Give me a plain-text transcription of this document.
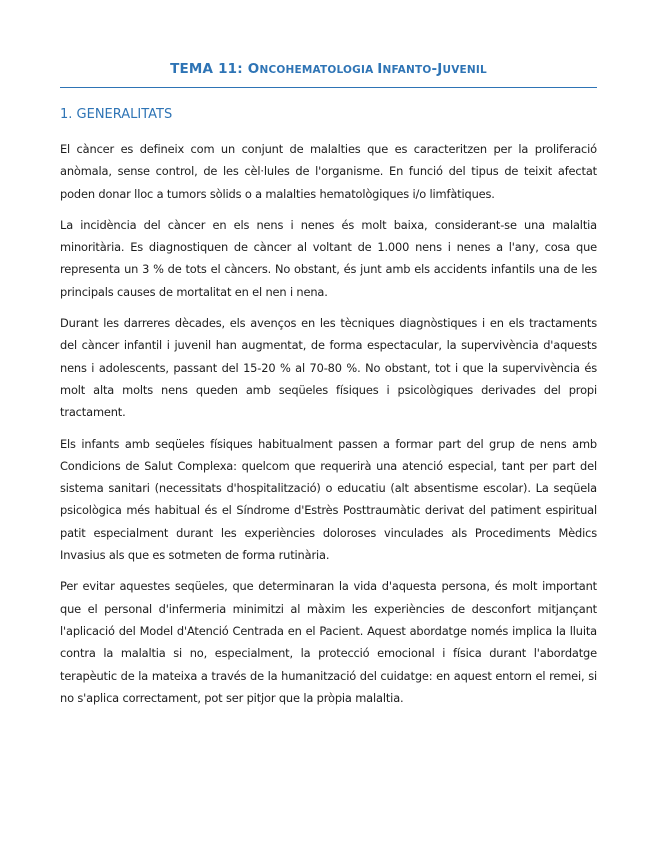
TEMA 11: ONCOHEMATOLOGIA INFANTO-JUVENIL
1. GENERALITATS

El càncer es defineix com un conjunt de malalties que es caracteritzen per la proliferació anòmala, sense control, de les cèl·lules de l'organisme. En funció del tipus de teixit afectat poden donar lloc a tumors sòlids o a malalties hematològiques i/o limfàtiques.

La incidència del càncer en els nens i nenes és molt baixa, considerant-se una malaltia minoritària. Es diagnostiquen de càncer al voltant de 1.000 nens i nenes a l'any, cosa que representa un 3 % de tots el càncers. No obstant, és junt amb els accidents infantils una de les principals causes de mortalitat en el nen i nena.

Durant les darreres dècades, els avenços en les tècniques diagnòstiques i en els tractaments del càncer infantil i juvenil han augmentat, de forma espectacular, la supervivència d'aquests nens i adolescents, passant del 15-20 % al 70-80 %. No obstant, tot i que la supervivència és molt alta molts nens queden amb seqüeles físiques i psicològiques derivades del propi tractament.

Els infants amb seqüeles físiques habitualment passen a formar part del grup de nens amb Condicions de Salut Complexa: quelcom que requerirà una atenció especial, tant per part del sistema sanitari (necessitats d'hospitalització) o educatiu (alt absentisme escolar). La seqüela psicològica més habitual és el Síndrome d'Estrès Posttraumàtic derivat del patiment espiritual patit especialment durant les experiències doloroses vinculades als Procediments Mèdics Invasius als que es sotmeten de forma rutinària.

Per evitar aquestes seqüeles, que determinaran la vida d'aquesta persona, és molt important que el personal d'infermeria minimitzi al màxim les experiències de desconfort mitjançant l'aplicació del Model d'Atenció Centrada en el Pacient. Aquest abordatge només implica la lluita contra la malaltia si no, especialment, la protecció emocional i física durant l'abordatge terapèutic de la mateixa a través de la humanització del cuidatge: en aquest entorn el remei, si no s'aplica correctament, pot ser pitjor que la pròpia malaltia.
